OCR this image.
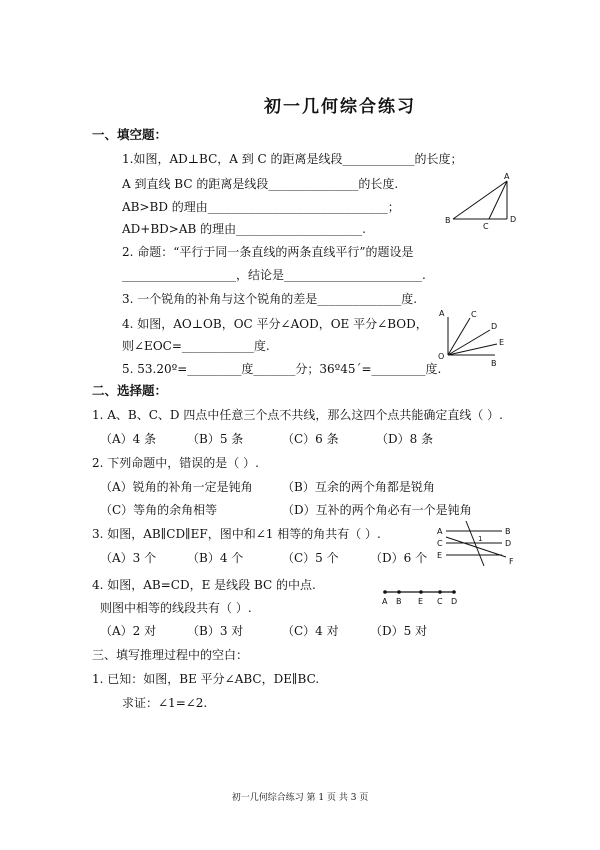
初一几何综合练习
一、填空题：
1.如图，AD⊥BC，A 到 C 的距离是线段____________的长度；
A 到直线 BC 的距离是线段_______________的长度.
AB>BD 的理由______________________________；
AD+BD>AB 的理由_____________________.
2. 命题：“平行于同一条直线的两条直线平行”的题设是
___________________，结论是_______________________.
3. 一个锐角的补角与这个锐角的差是______________度.
4. 如图，AO⊥OB，OC 平分∠AOD，OE 平分∠BOD，
则∠EOC=____________度.
5. 53.20º=_________度_______分；36º45´=_________度.
A
B
C
D
A	C
D
E
O
B
二、选择题：
1. A、B、C、D 四点中任意三个点不共线，那么这四个点共能确定直线（ ）.
（A）4 条	（B）5 条	（C）6 条	（D）8 条
2. 下列命题中，错误的是（ ）.
（A）锐角的补角一定是钝角 （B）互余的两个角都是锐角
（C）等角的余角相等	（D）互补的两个角必有一个是钝角
3. 如图，AB∥CD∥EF，图中和∠1 相等的角共有（ ）.
（A）3 个	（B）4 个	（C）5 个	（D）6 个
A	B
C	D
E
F
1
4. 如图，AB=CD，E 是线段 BC 的中点.
则图中相等的线段共有（ ）.
（A）2 对	（B）3 对	（C）4 对	（D）5 对
A B E C D
三、填写推理过程中的空白：
1. 已知：如图，BE 平分∠ABC，DE∥BC.
求证：∠1=∠2.
初一几何综合练习 第 1 页 共 3 页
